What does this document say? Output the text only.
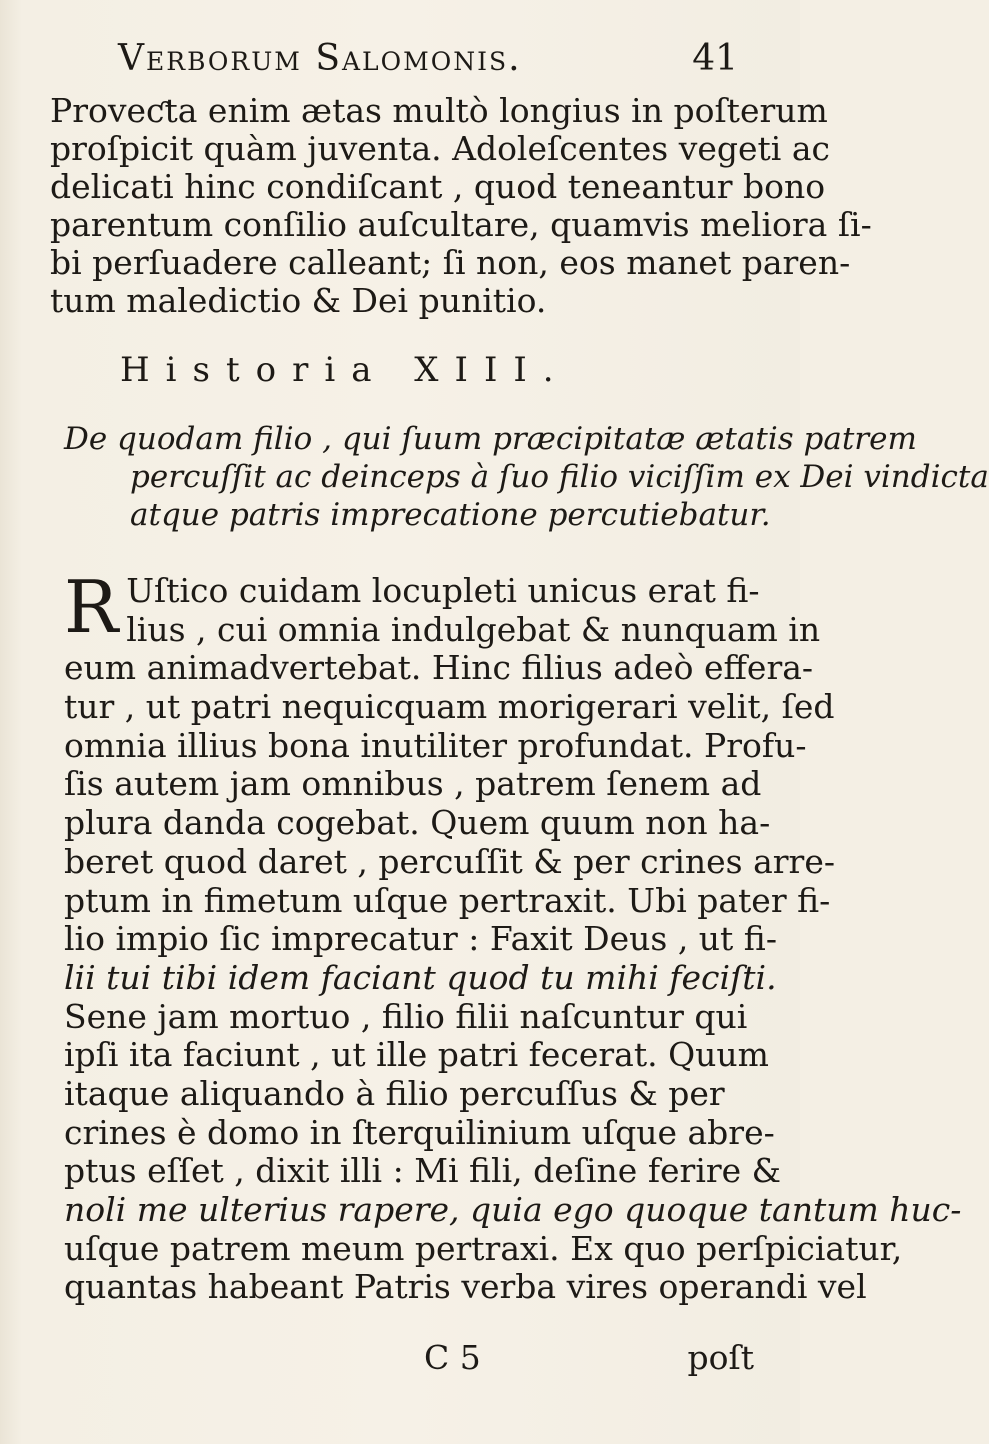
Verborum Salomonis.	41
Proveƈta enim ætas multò longius in poſterum
proſpicit quàm juventa. Adoleſcentes vegeti ac
delicati hinc condiſcant , quod teneantur bono
parentum conſilio auſcultare, quamvis meliora ſi-
bi perſuadere calleant; ſi non, eos manet paren-
tum maledictio & Dei punitio.
Historia XIII.
De quodam filio , qui ſuum præcipitatæ ætatis patrem
percuſſit ac deinceps à ſuo filio viciſſim ex Dei vindicta
atque patris imprecatione percutiebatur.
R Uſtico cuidam locupleti unicus erat fi-
lius , cui omnia indulgebat & nunquam in
eum animadvertebat. Hinc filius adeò effera-
tur , ut patri nequicquam morigerari velit, ſed
omnia illius bona inutiliter profundat. Profu-
ſis autem jam omnibus , patrem ſenem ad
plura danda cogebat. Quem quum non ha-
beret quod daret , percuſſit & per crines arre-
ptum in fimetum uſque pertraxit. Ubi pater fi-
lio impio ſic imprecatur : Faxit Deus , ut fi-
lii tui tibi idem faciant quod tu mihi feciſti.
Sene jam mortuo , filio filii naſcuntur qui
ipſi ita faciunt , ut ille patri fecerat. Quum
itaque aliquando à filio percuſſus & per
crines è domo in ſterquilinium uſque abre-
ptus eſſet , dixit illi : Mi fili, deſine ferire &
noli me ulterius rapere, quia ego quoque tantum huc-
uſque patrem meum pertraxi. Ex quo perſpiciatur,
quantas habeant Patris verba vires operandi vel
C 5	poſt
